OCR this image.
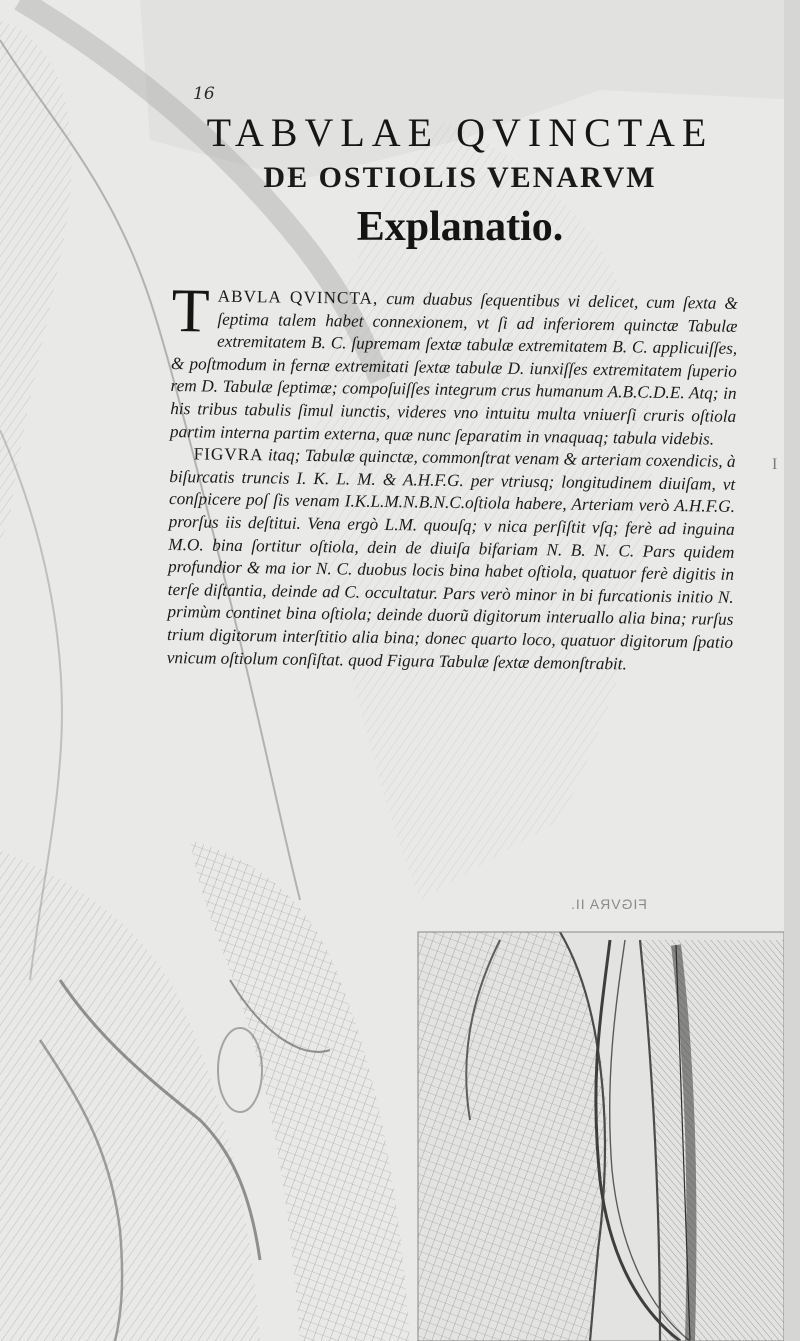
16
TABVLAE QVINCTAE
DE OSTIOLIS VENARVM
Explanatio.

T ABVLA QVINCTA, cum duabus ſequentibus vi delicet, cum ſexta & ſeptima talem habet connexionem, vt ſi ad inferiorem quinctæ Tabulæ extremitatem B. C. ſupremam ſextæ tabulæ extremitatem B. C. applicuiſſes, & poſtmodum in fernæ extremitati ſextæ tabulæ D. iunxiſſes extremitatem ſuperio rem D. Tabulæ ſeptimæ; compoſuiſſes integrum crus humanum A.B.C.D.E. Atq; in his tribus tabulis ſimul iunctis, videres vno intuitu multa vniuerſi cruris oſtiola partim interna partim externa, quæ nunc ſeparatim in vnaquaq; tabula videbis.

FIGVRA itaq; Tabulæ quinctæ, commonſtrat venam & arteriam coxendicis, à biſurcatis truncis I. K. L. M. & A.H.F.G. per vtriusq; longitudinem diuiſam, vt conſpicere poſ ſis venam I.K.L.M.N.B.N.C.oſtiola habere, Arteriam verò A.H.F.G. prorſus iis deſtitui. Vena ergò L.M. quouſq; v nica perſiſtit vſq; ferè ad inguina M.O. bina ſortitur oſtiola, dein de diuiſa bifariam N. B. N. C. Pars quidem profundior & ma ior N. C. duobus locis bina habet oſtiola, quatuor ferè digitis in terſe diſtantia, deinde ad C. occultatur. Pars verò minor in bi furcationis initio N. primùm continet bina oſtiola; deinde duorũ digitorum interuallo alia bina; rurſus trium digitorum interſtitio alia bina; donec quarto loco, quatuor digitorum ſpatio vnicum oſtiolum conſiſtat. quod Figura Tabulæ ſextæ demonſtrabit.

FIGVRA II.
I
